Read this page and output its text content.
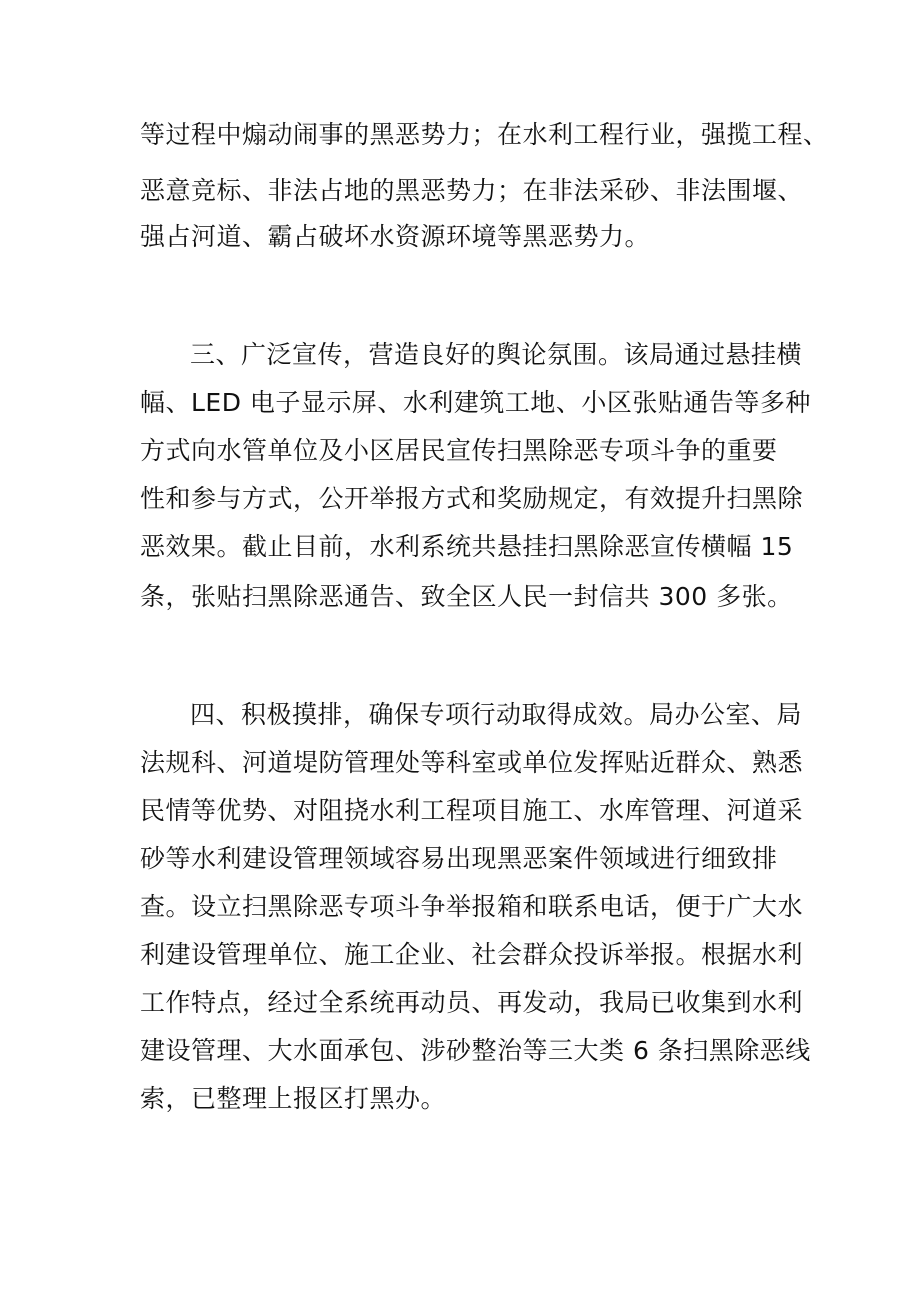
等过程中煽动闹事的黑恶势力；在水利工程行业，强揽工程、

恶意竞标、非法占地的黑恶势力；在非法采砂、非法围堰、

强占河道、霸占破坏水资源环境等黑恶势力。

三、广泛宣传，营造良好的舆论氛围。该局通过悬挂横

幅、LED 电子显示屏、水利建筑工地、小区张贴通告等多种

方式向水管单位及小区居民宣传扫黑除恶专项斗争的重要

性和参与方式，公开举报方式和奖励规定，有效提升扫黑除

恶效果。截止目前，水利系统共悬挂扫黑除恶宣传横幅 15

条，张贴扫黑除恶通告、致全区人民一封信共 300 多张。

四、积极摸排，确保专项行动取得成效。局办公室、局

法规科、河道堤防管理处等科室或单位发挥贴近群众、熟悉

民情等优势、对阻挠水利工程项目施工、水库管理、河道采

砂等水利建设管理领域容易出现黑恶案件领域进行细致排

查。设立扫黑除恶专项斗争举报箱和联系电话，便于广大水

利建设管理单位、施工企业、社会群众投诉举报。根据水利

工作特点，经过全系统再动员、再发动，我局已收集到水利

建设管理、大水面承包、涉砂整治等三大类 6 条扫黑除恶线

索，已整理上报区打黑办。
